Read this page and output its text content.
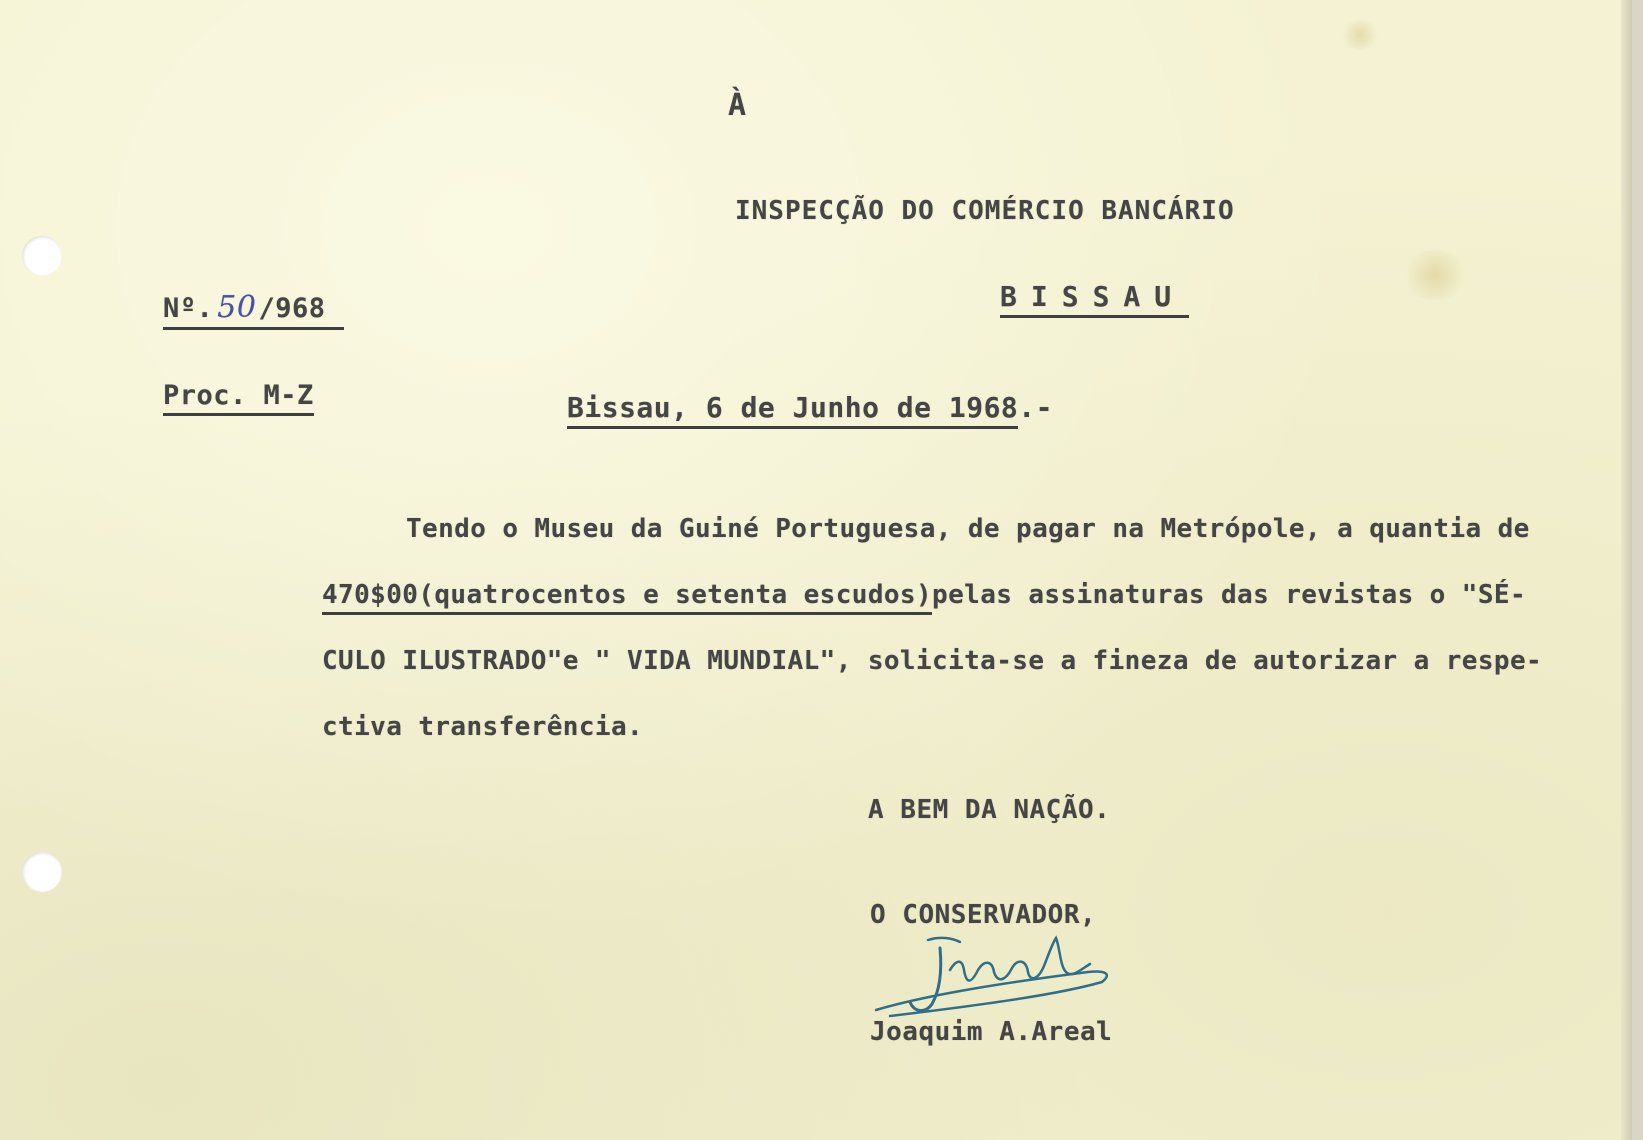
À
INSPECÇÃO DO COMÉRCIO BANCÁRIO
BISSAU
Nº. 50/968
Proc. M-Z	Bissau, 6 de Junho de 1968.-
Tendo o Museu da Guiné Portuguesa, de pagar na Metrópole, a quantia de
470$00(quatrocentos e setenta escudos)pelas assinaturas das revistas o "SÉ-
CULO ILUSTRADO"e " VIDA MUNDIAL", solicita-se a fineza de autorizar a respe-
ctiva transferência.
A BEM DA NAÇÃO.
O CONSERVADOR,
Joaquim A.Areal
